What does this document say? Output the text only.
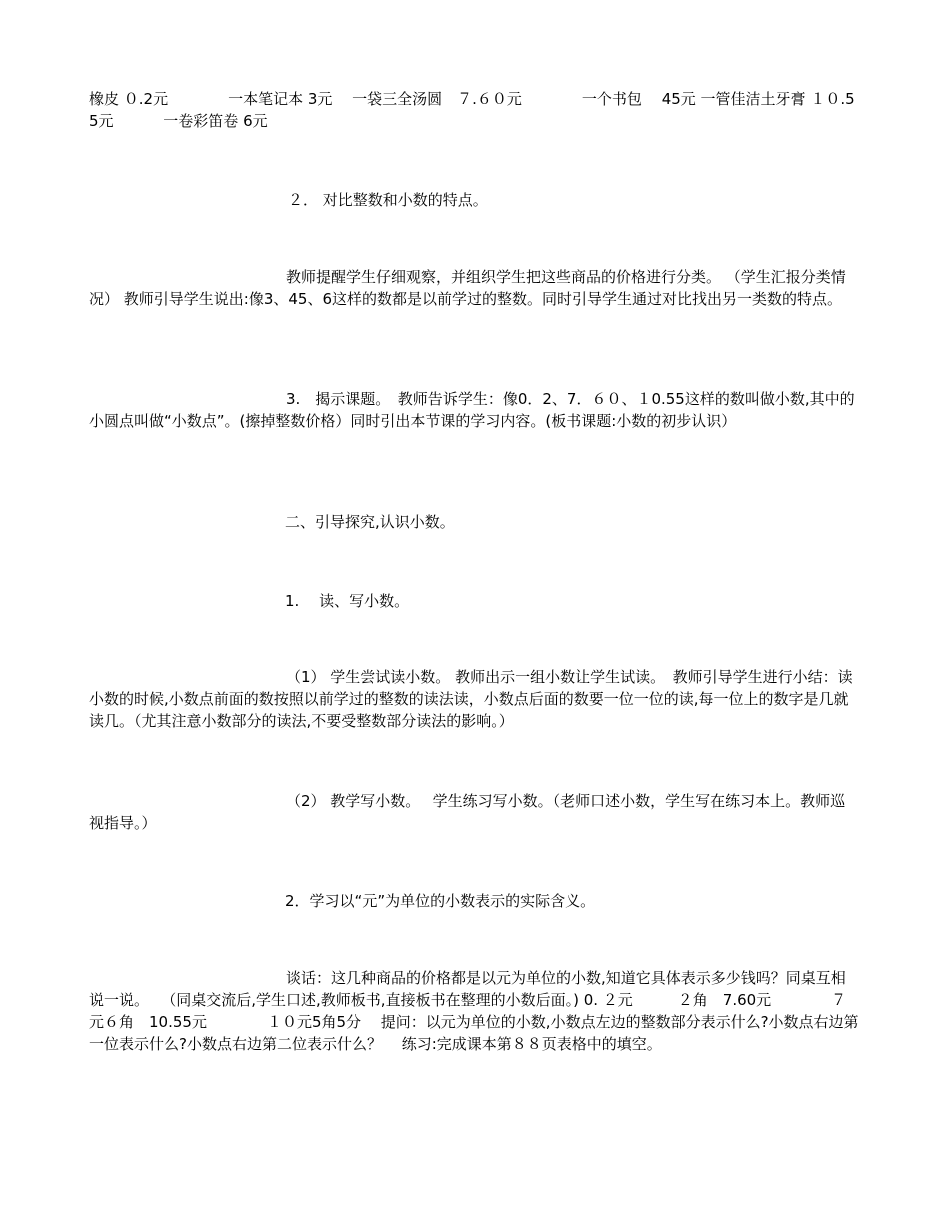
橡皮 ０.2元　　　　一本笔记本 3元　 一袋三全汤圆　７.６０元　　　　一个书包　 45元 一管佳洁土牙膏 １０.55元　　　 一卷彩笛卷 6元

２． 对比整数和小数的特点。

教师提醒学生仔细观察，并组织学生把这些商品的价格进行分类。 （学生汇报分类情况） 教师引导学生说出:像3、45、6这样的数都是以前学过的整数。同时引导学生通过对比找出另一类数的特点。

3.　揭示课题。　教师告诉学生：像0．2、7．６０、１0.55这样的数叫做小数,其中的小圆点叫做“小数点”。(擦掉整数价格）同时引出本节课的学习内容。(板书课题:小数的初步认识）

二、引导探究,认识小数。

1.　 读、写小数。

（1） 学生尝试读小数。 教师出示一组小数让学生试读。　教师引导学生进行小结：读小数的时候,小数点前面的数按照以前学过的整数的读法读，小数点后面的数要一位一位的读,每一位上的数字是几就读几。（尤其注意小数部分的读法,不要受整数部分读法的影响。）

（2） 教学写小数。　 学生练习写小数。（老师口述小数，学生写在练习本上。教师巡视指导。）

2．学习以“元”为单位的小数表示的实际含义。

谈话：这几种商品的价格都是以元为单位的小数,知道它具体表示多少钱吗？同桌互相说一说。　 （同桌交流后,学生口述,教师板书,直接板书在整理的小数后面。) 0. ２元　　　２角　7.60元　　　　７元６角　10.55元　　　　１０元5角5分　 提问：以元为单位的小数,小数点左边的整数部分表示什么?小数点右边第一位表示什么?小数点右边第二位表示什么？　 练习:完成课本第８８页表格中的填空。
